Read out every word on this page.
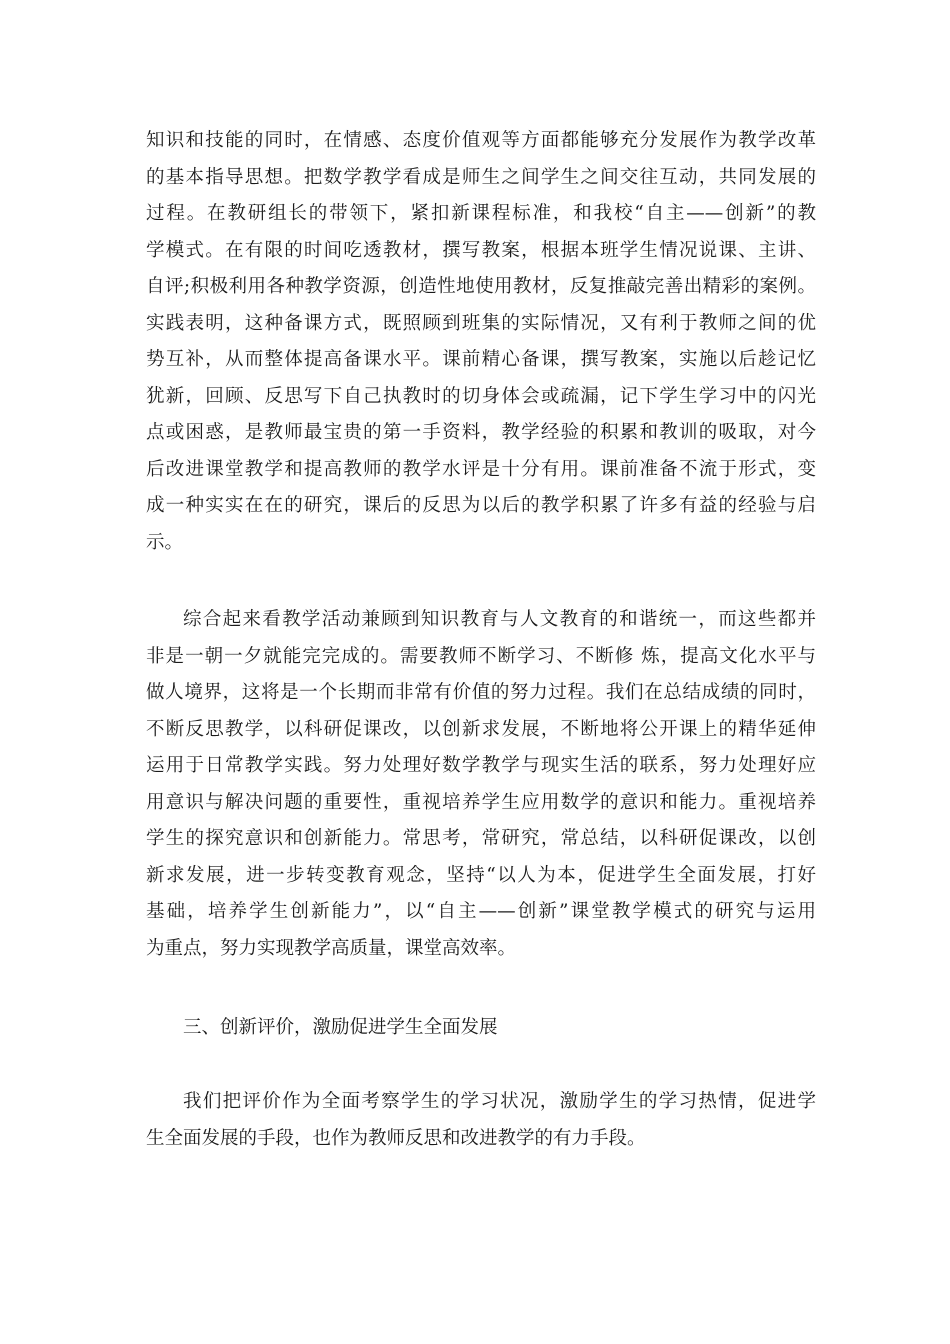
知识和技能的同时，在情感、态度价值观等方面都能够充分发展作为教学改革
的基本指导思想。把数学教学看成是师生之间学生之间交往互动，共同发展的
过程。在教研组长的带领下，紧扣新课程标准，和我校“自主——创新”的教
学模式。在有限的时间吃透教材，撰写教案，根据本班学生情况说课、主讲、
自评;积极利用各种教学资源，创造性地使用教材，反复推敲完善出精彩的案例。
实践表明，这种备课方式，既照顾到班集的实际情况，又有利于教师之间的优
势互补，从而整体提高备课水平。课前精心备课，撰写教案，实施以后趁记忆
犹新，回顾、反思写下自己执教时的切身体会或疏漏，记下学生学习中的闪光
点或困惑，是教师最宝贵的第一手资料，教学经验的积累和教训的吸取，对今
后改进课堂教学和提高教师的教学水评是十分有用。课前准备不流于形式，变
成一种实实在在的研究，课后的反思为以后的教学积累了许多有益的经验与启
示。
综合起来看教学活动兼顾到知识教育与人文教育的和谐统一，而这些都并
非是一朝一夕就能完完成的。需要教师不断学习、不断修 炼，提高文化水平与
做人境界，这将是一个长期而非常有价值的努力过程。我们在总结成绩的同时，
不断反思教学，以科研促课改，以创新求发展，不断地将公开课上的精华延伸
运用于日常教学实践。努力处理好数学教学与现实生活的联系，努力处理好应
用意识与解决问题的重要性，重视培养学生应用数学的意识和能力。重视培养
学生的探究意识和创新能力。常思考，常研究，常总结，以科研促课改，以创
新求发展，进一步转变教育观念，坚持“以人为本，促进学生全面发展，打好
基础，培养学生创新能力”，以“自主——创新”课堂教学模式的研究与运用
为重点，努力实现教学高质量，课堂高效率。
三、创新评价，激励促进学生全面发展
我们把评价作为全面考察学生的学习状况，激励学生的学习热情，促进学
生全面发展的手段，也作为教师反思和改进教学的有力手段。
